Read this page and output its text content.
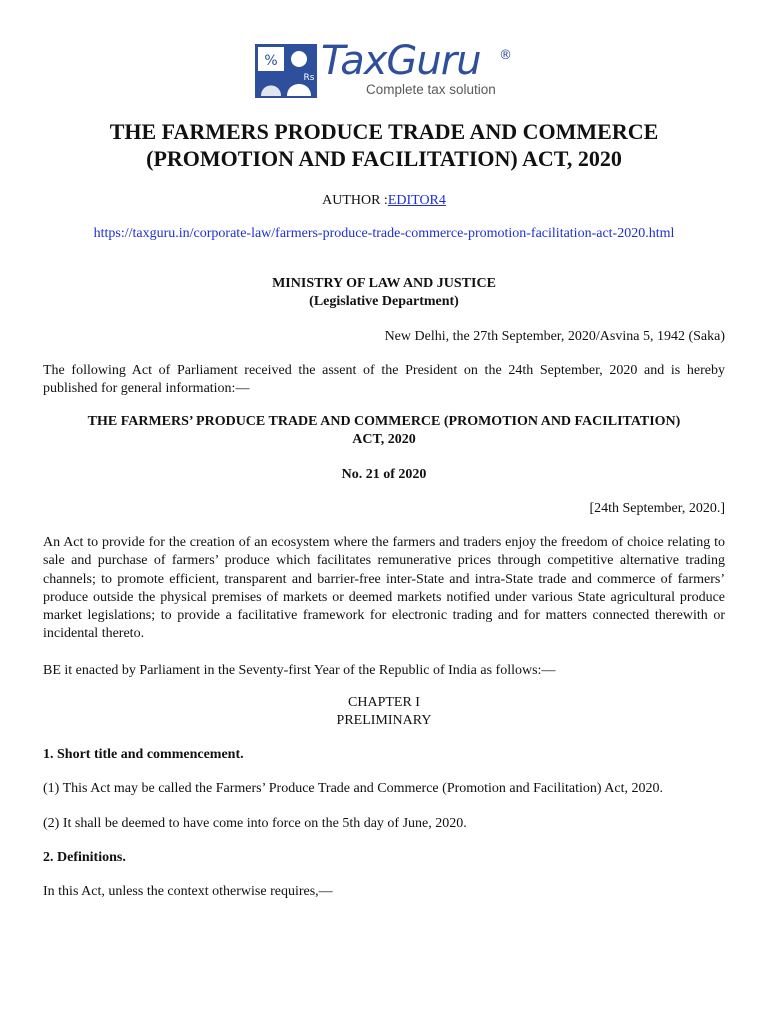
%
Rs TaxGuru ®
Complete tax solution
THE FARMERS PRODUCE TRADE AND COMMERCE
(PROMOTION AND FACILITATION) ACT, 2020

AUTHOR :EDITOR4

https://taxguru.in/corporate-law/farmers-produce-trade-commerce-promotion-facilitation-act-2020.html

MINISTRY OF LAW AND JUSTICE
(Legislative Department)

New Delhi, the 27th September, 2020/Asvina 5, 1942 (Saka)

The following Act of Parliament received the assent of the President on the 24th September, 2020 and is hereby published for general information:—

THE FARMERS’ PRODUCE TRADE AND COMMERCE (PROMOTION AND FACILITATION)
ACT, 2020

No. 21 of 2020

[24th September, 2020.]

An Act to provide for the creation of an ecosystem where the farmers and traders enjoy the freedom of choice relating to sale and purchase of farmers’ produce which facilitates remunerative prices through competitive alternative trading channels; to promote efficient, transparent and barrier-free inter-State and intra-State trade and commerce of farmers’ produce outside the physical premises of markets or deemed markets notified under various State agricultural produce market legislations; to provide a facilitative framework for electronic trading and for matters connected therewith or incidental thereto.

BE it enacted by Parliament in the Seventy-first Year of the Republic of India as follows:—

CHAPTER I
PRELIMINARY

1. Short title and commencement.

(1) This Act may be called the Farmers’ Produce Trade and Commerce (Promotion and Facilitation) Act, 2020.

(2) It shall be deemed to have come into force on the 5th day of June, 2020.

2. Definitions.

In this Act, unless the context otherwise requires,—
